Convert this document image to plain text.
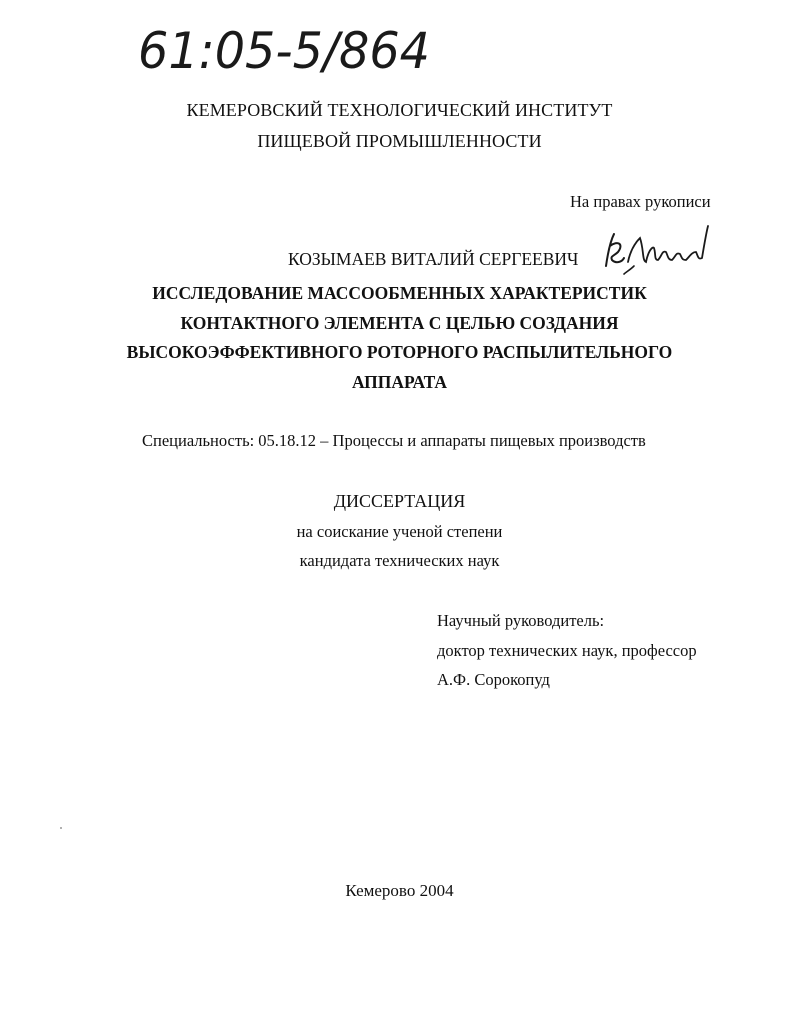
61:05-5/864
КЕМЕРОВСКИЙ ТЕХНОЛОГИЧЕСКИЙ ИНСТИТУТ
ПИЩЕВОЙ ПРОМЫШЛЕННОСТИ
На правах рукописи
КОЗЫМАЕВ ВИТАЛИЙ СЕРГЕЕВИЧ
ИССЛЕДОВАНИЕ МАССООБМЕННЫХ ХАРАКТЕРИСТИК
КОНТАКТНОГО ЭЛЕМЕНТА С ЦЕЛЬЮ СОЗДАНИЯ
ВЫСОКОЭФФЕКТИВНОГО РОТОРНОГО РАСПЫЛИТЕЛЬНОГО
АППАРАТА
Специальность: 05.18.12 – Процессы и аппараты пищевых производств
ДИССЕРТАЦИЯ
на соискание ученой степени
кандидата технических наук
Научный руководитель:
доктор технических наук, профессор
А.Ф. Сорокопуд
Кемерово 2004
